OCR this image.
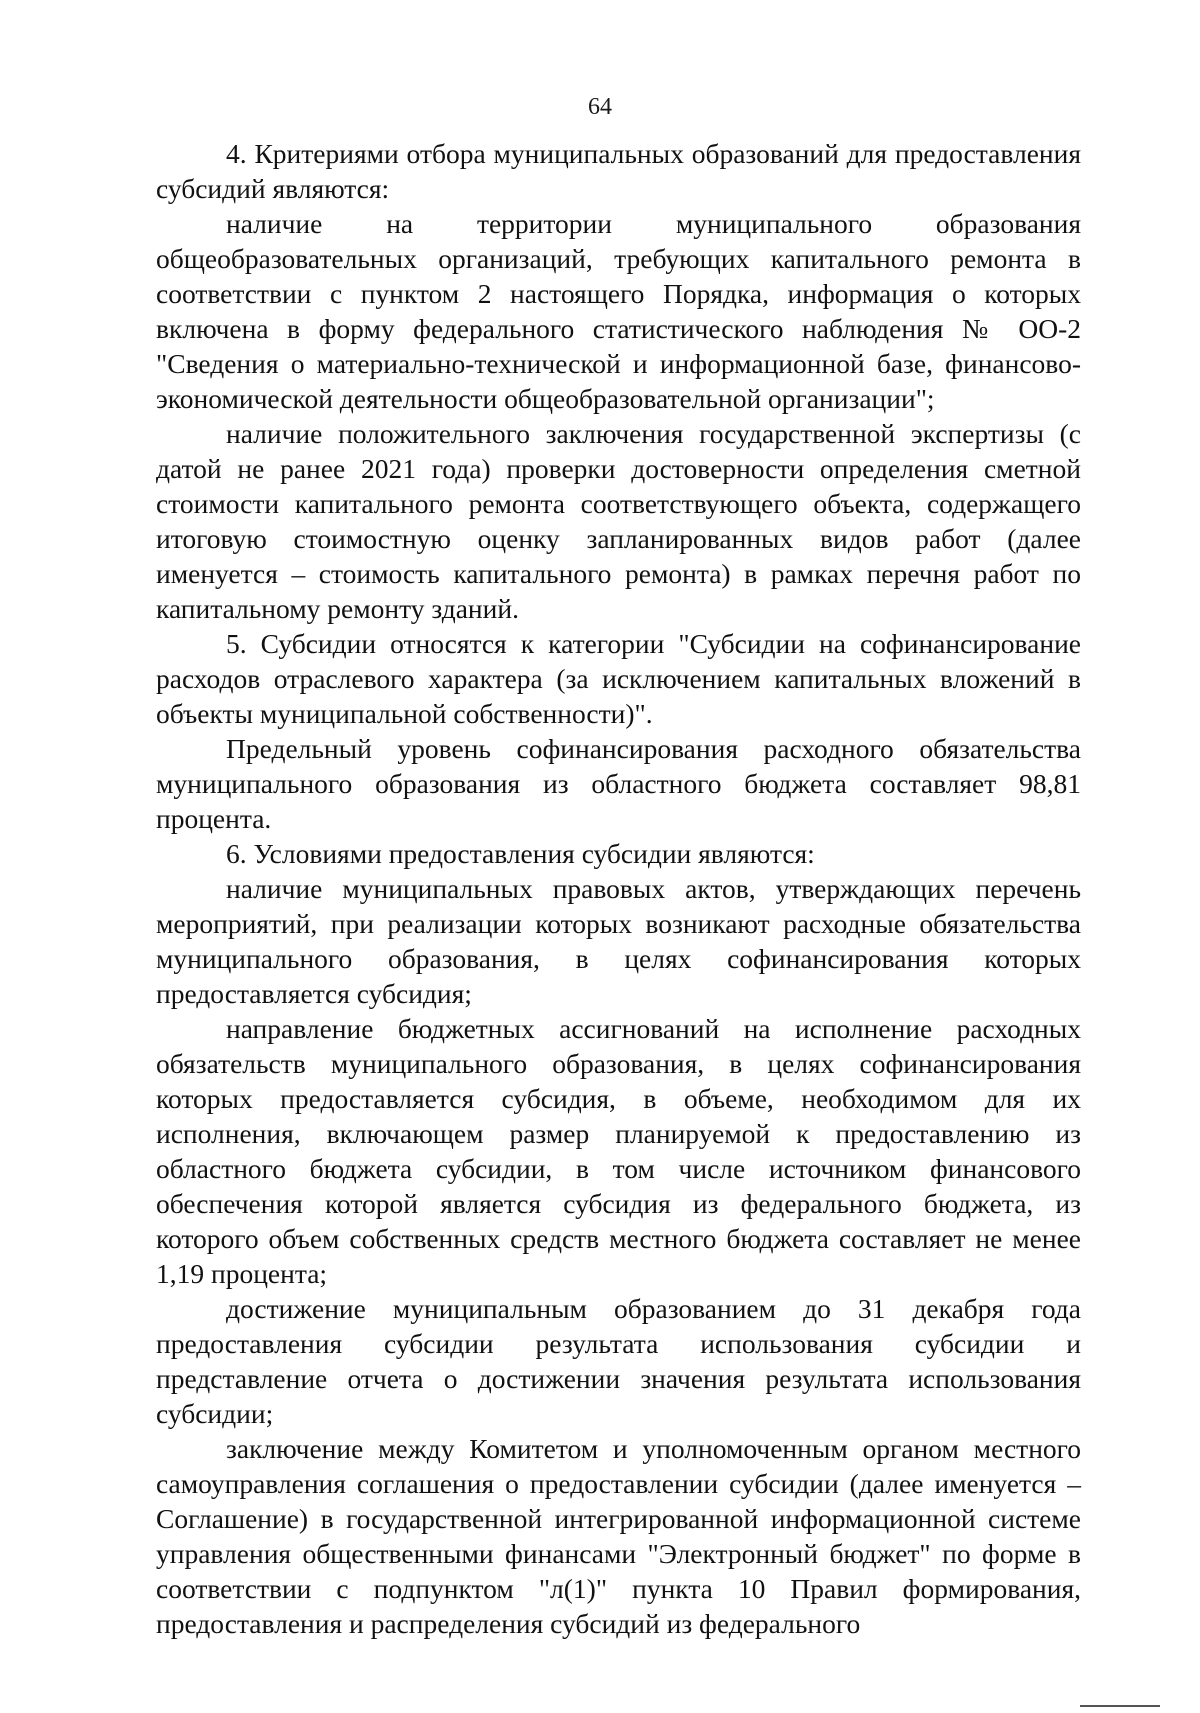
64

4. Критериями отбора муниципальных образований для предоставления субсидий являются:

наличие на территории муниципального образования общеобразовательных организаций, требующих капитального ремонта в соответствии с пунктом 2 настоящего Порядка, информация о которых включена в форму федерального статистического наблюдения № ОО-2 "Сведения о материально-технической и информационной базе, финансово-экономической деятельности общеобразовательной организации";

наличие положительного заключения государственной экспертизы (с датой не ранее 2021 года) проверки достоверности определения сметной стоимости капитального ремонта соответствующего объекта, содержащего итоговую стоимостную оценку запланированных видов работ (далее именуется – стоимость капитального ремонта) в рамках перечня работ по капитальному ремонту зданий.

5. Субсидии относятся к категории "Субсидии на софинансирование расходов отраслевого характера (за исключением капитальных вложений в объекты муниципальной собственности)".

Предельный уровень софинансирования расходного обязательства муниципального образования из областного бюджета составляет 98,81 процента.

6. Условиями предоставления субсидии являются:

наличие муниципальных правовых актов, утверждающих перечень мероприятий, при реализации которых возникают расходные обязательства муниципального образования, в целях софинансирования которых предоставляется субсидия;

направление бюджетных ассигнований на исполнение расходных обязательств муниципального образования, в целях софинансирования которых предоставляется субсидия, в объеме, необходимом для их исполнения, включающем размер планируемой к предоставлению из областного бюджета субсидии, в том числе источником финансового обеспечения которой является субсидия из федерального бюджета, из которого объем собственных средств местного бюджета составляет не менее 1,19 процента;

достижение муниципальным образованием до 31 декабря года предоставления субсидии результата использования субсидии и представление отчета о достижении значения результата использования субсидии;

заключение между Комитетом и уполномоченным органом местного самоуправления соглашения о предоставлении субсидии (далее именуется – Соглашение) в государственной интегрированной информационной системе управления общественными финансами "Электронный бюджет" по форме в соответствии с подпунктом "л(1)" пункта 10 Правил формирования, предоставления и распределения субсидий из федерального
